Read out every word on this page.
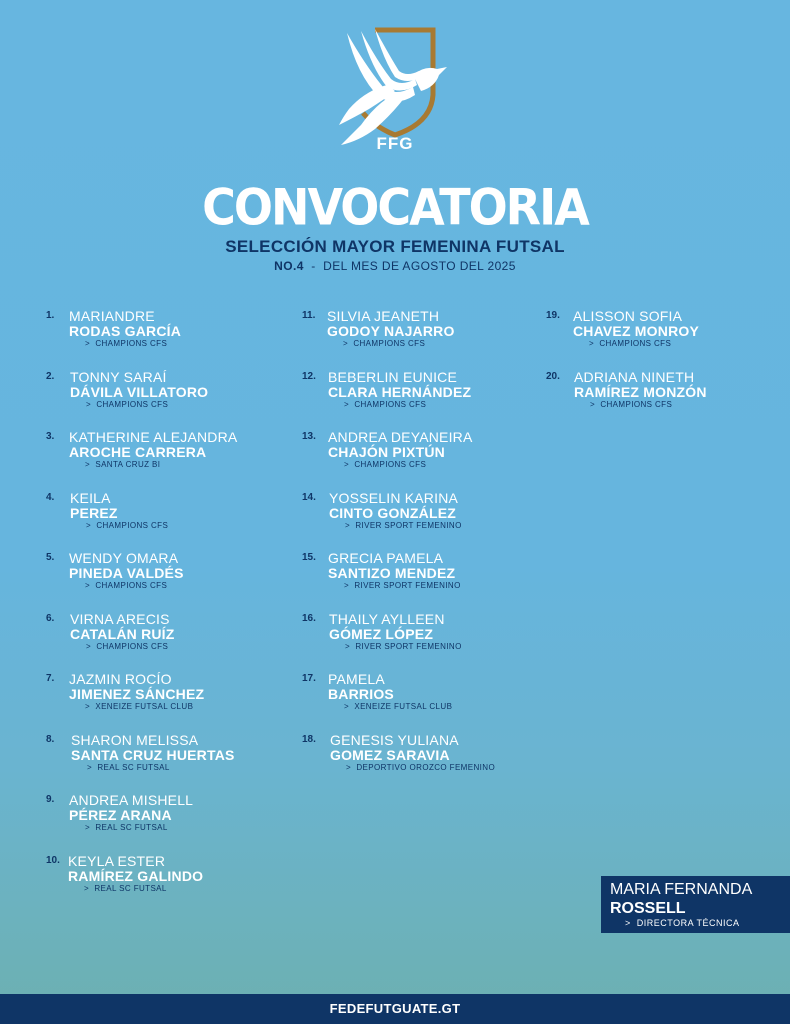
FFG
CONVOCATORIA
SELECCIÓN MAYOR FEMENINA FUTSAL
NO.4 - DEL MES DE AGOSTO DEL 2025
1. MARIANDRE
RODAS GARCÍA
> CHAMPIONS CFS
2. TONNY SARAÍ
DÁVILA VILLATORO
> CHAMPIONS CFS
3. KATHERINE ALEJANDRA
AROCHE CARRERA
> SANTA CRUZ BI
4. KEILA
PEREZ
> CHAMPIONS CFS
5. WENDY OMARA
PINEDA VALDÉS
> CHAMPIONS CFS
6. VIRNA ARECIS
CATALÁN RUÍZ
> CHAMPIONS CFS
7. JAZMIN ROCÍO
JIMENEZ SÁNCHEZ
> XENEIZE FUTSAL CLUB
8. SHARON MELISSA
SANTA CRUZ HUERTAS
> REAL SC FUTSAL
9. ANDREA MISHELL
PÉREZ ARANA
> REAL SC FUTSAL
10. KEYLA ESTER
RAMÍREZ GALINDO
> REAL SC FUTSAL
11. SILVIA JEANETH
GODOY NAJARRO
> CHAMPIONS CFS
12. BEBERLIN EUNICE
CLARA HERNÁNDEZ
> CHAMPIONS CFS
13. ANDREA DEYANEIRA
CHAJÓN PIXTÚN
> CHAMPIONS CFS
14. YOSSELIN KARINA
CINTO GONZÁLEZ
> RIVER SPORT FEMENINO
15. GRECIA PAMELA
SANTIZO MENDEZ
> RIVER SPORT FEMENINO
16. THAILY AYLLEEN
GÓMEZ LÓPEZ
> RIVER SPORT FEMENINO
17. PAMELA
BARRIOS
> XENEIZE FUTSAL CLUB
18. GENESIS YULIANA
GOMEZ SARAVIA
> DEPORTIVO OROZCO FEMENINO
19. ALISSON SOFIA
CHAVEZ MONROY
> CHAMPIONS CFS
20. ADRIANA NINETH
RAMÍREZ MONZÓN
> CHAMPIONS CFS
MARIA FERNANDA
ROSSELL
> DIRECTORA TÉCNICA
FEDEFUTGUATE.GT
